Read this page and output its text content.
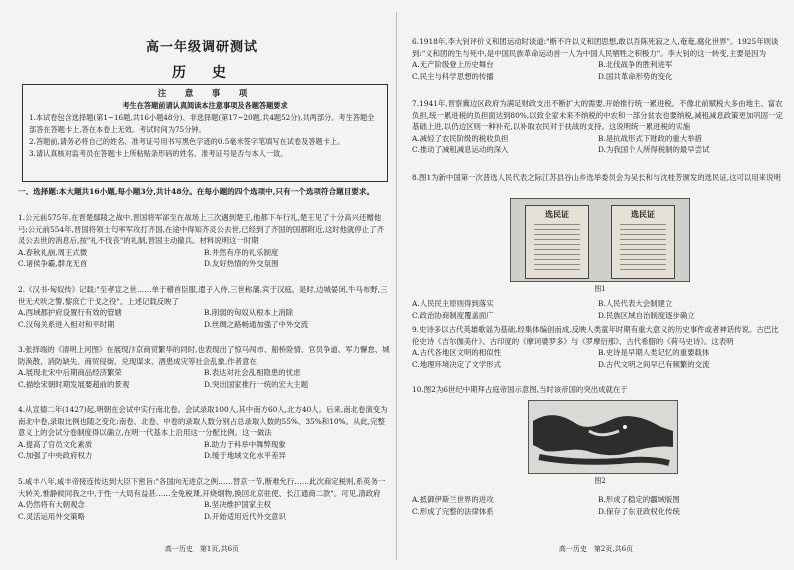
高一年级调研测试
历　史
注　意　事　项
考生在答题前请认真阅读本注意事项及各题答题要求

1.本试卷包含选择题(第1~16题,共16小题48分)、非选择题(第17~20题,共4题52分),共两部分。考生答题全部答在答题卡上,答在本卷上无效。考试时间为75分钟。

2.答题前,请务必将自己的姓名、准考证号用书写黑色字迹的0.5毫米签字笔填写在试卷及答题卡上。

3.请认真核对监考员在答题卡上所粘贴条形码的姓名、准考证号是否与本人一致。

一、选择题:本大题共16小题,每小题3分,共计48分。在每小题的四个选项中,只有一个选项符合题目要求。

1.公元前575年,在晋楚鄢陵之战中,晋国将军郤至在战场上三次遇到楚王,他都下车行礼,楚王见了十分高兴还赠他弓;公元前554年,晋国将领士匄率军攻打齐国,在途中得知齐灵公去世,已经到了齐国的国都附近,这时他就停止了齐灵公去世的消息后,按"礼不伐丧"的礼制,晋国主动撤兵。材料说明这一时期

A.春秋礼崩,周王式微	B.井然有序的礼乐制度
C.诸侯争霸,群龙无首	D.友好热情的外交氛围

2.《汉书·匈奴传》记载:"至孝宣之世……单于稽首臣服,遣子入侍,三世称藩,宾于汉庭。是时,边城晏闭,牛马布野,三世无犬吠之警,黎庶亡干戈之役"。上述记载反映了

A.西域都护府设置行有效的管辖	B.削弱的匈奴从根本上消除
C.汉匈关系进入相对和平时期	D.丝绸之路畅通加强了中外交流

3.张择端的《清明上河图》在展现汴京商贸繁华的同时,也表现出了惊马闯市、船桥险情、官员争道、军力懈怠、城防涣散、消防缺失、商贸侵街、兑现谋求、酒患成灾等社会乱象,作者意在

A.展现北宋中后期商品经济繁荣	B.表达对社会乱相隐患的忧虑
C.描绘宋朝时期发展要超前的景观	D.突出国家推行一统的宏大主题

4.从宣德二年(1427)起,明朝在会试中实行南北卷。会试录取100人,其中南方60人,北方40人。后来,南北卷演变为南北中卷,录取比例也随之变化:南卷、北卷、中卷的录取人数分别占总录取人数的55%、35%和10%。从此,完整意义上的会试分卷制度得以确立,在明一代基本上沿用这一分配比例。这一做法

A.提高了官员文化素质	B.助力于科举中舞弊现象
C.加强了中央政府权力	D.缓于地域文化水平差异

5.咸丰八年,咸丰帝接连传达到大臣下密旨:"各国向无进京之例……替京一节,断难允行……此次商定税则,系英务一大转关,惟静候同我之中,于性一大局有益甚……全免税课,开烧烟物,换回北京驻使、长江通商二款"。可见,清政府

A.仍然将有大朝观念	B.坚决维护国家主权
C.灵活运用外交策略	D.开始适用近代外交意识
高一历史　第1页,共6页

6.1918年,李大钊评价义和团运动时谈道:"断不许以义和团思想,敢以吾陈死寂之人,奄奄,腐化世界"。1925年则谈到:"义和团的生与死中,是中国民族革命运动首一人为中国人民牺牲之积极力"。李大钊的这一转变,主要是因为

A.无产阶级登上历史舞台	B.北伐战争的胜利进军
C.民主与科学思想的传播	D.国共革命形势的变化

7.1941年,晋察冀边区政府为满足财政支出不断扩大的需要,开始推行统一累进税。不像北前赋税大多由地主、富农负担,统一累进税的负担面达到80%,以致全家未来不纳税的中农和一部分贫农也要纳税,减租减息政策更加巩固一定基础上进,以仍边区则一种补充,以补取农民对于扶战的支持。这说明统一累进税的实施

A.减轻了农民阶级的税收负担	B.是抗战形式下财政的重大举措
C.推动了减租减息运动的深入	D.为我国个人所得税制的最早尝试

8.图1为新中国第一次普选人民代表之际江苏县谷山乡选举委员会为吴长和与沈桂芳颁发的选民证,这可以用来说明

选民证	选民证
图1
A.人民民主原则得到落实	B.人民代表大会制建立
C.政治协商制度覆盖面广	D.民族区域自治制度逐步确立

9.史诗多以古代英雄歌谣为基础,经集体编创而成,反映人类童年时期有重大意义的历史事件或者神话传说。古巴比伦史诗《吉尔伽美什》、古印度的《摩诃婆罗多》与《罗摩衍那》、古代希腊的《荷马史诗》。这表明

A.古代各地区文明的相似性	B.史诗是早期人类记忆的重要载体
C.地理环境决定了文学形式	D.古代文明之间早已有频繁的交流

10.图2为6世纪中期拜占庭帝国示意图,当时该帝国的突出成就在于

图2
A.抵御伊斯兰世界的进攻	B.形成了稳定的疆域版图
C.形成了完整的法律体系	D.保存了东亚政权化传统
高一历史　第2页,共6页
